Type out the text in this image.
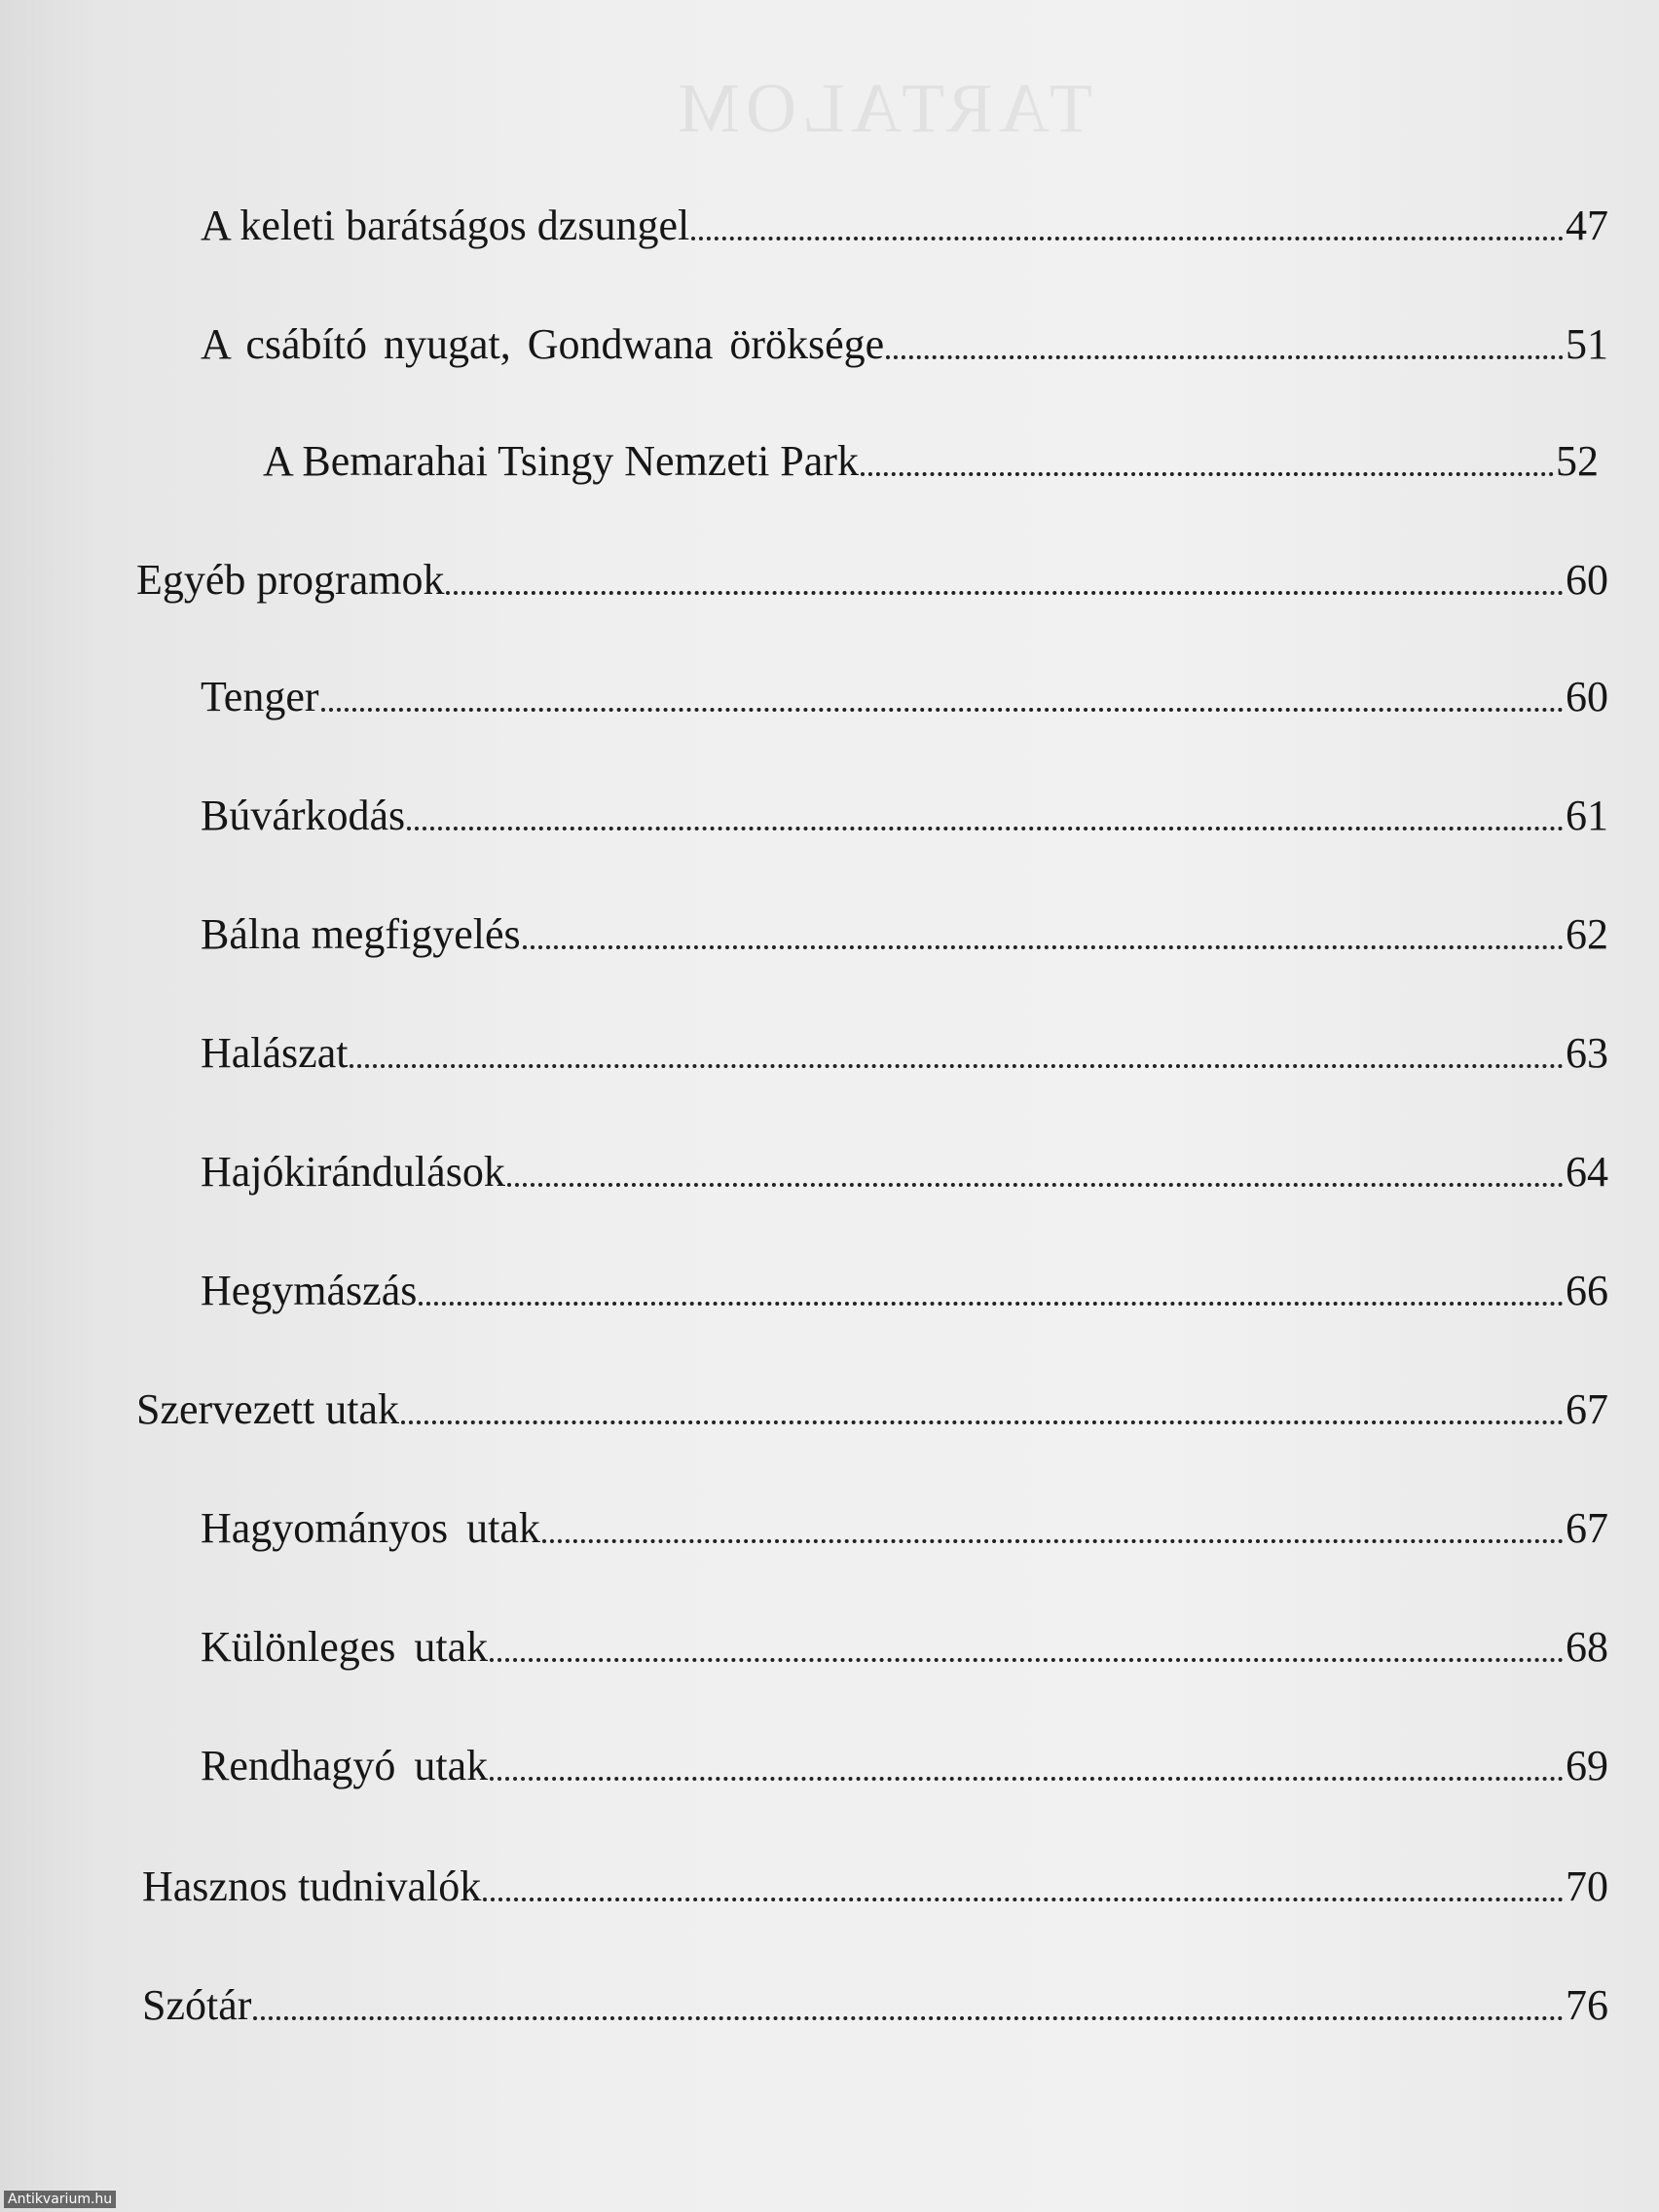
TARTALOM
A keleti barátságos dzsungel	47
A csábító nyugat, Gondwana öröksége	51
A Bemarahai Tsingy Nemzeti Park	52
Egyéb programok	60
Tenger	60
Búvárkodás	61
Bálna megfigyelés	62
Halászat	63
Hajókirándulások	64
Hegymászás	66
Szervezett utak	67
Hagyományos utak	67
Különleges utak	68
Rendhagyó utak	69
Hasznos tudnivalók	70
Szótár	76
Antikvarium.hu
